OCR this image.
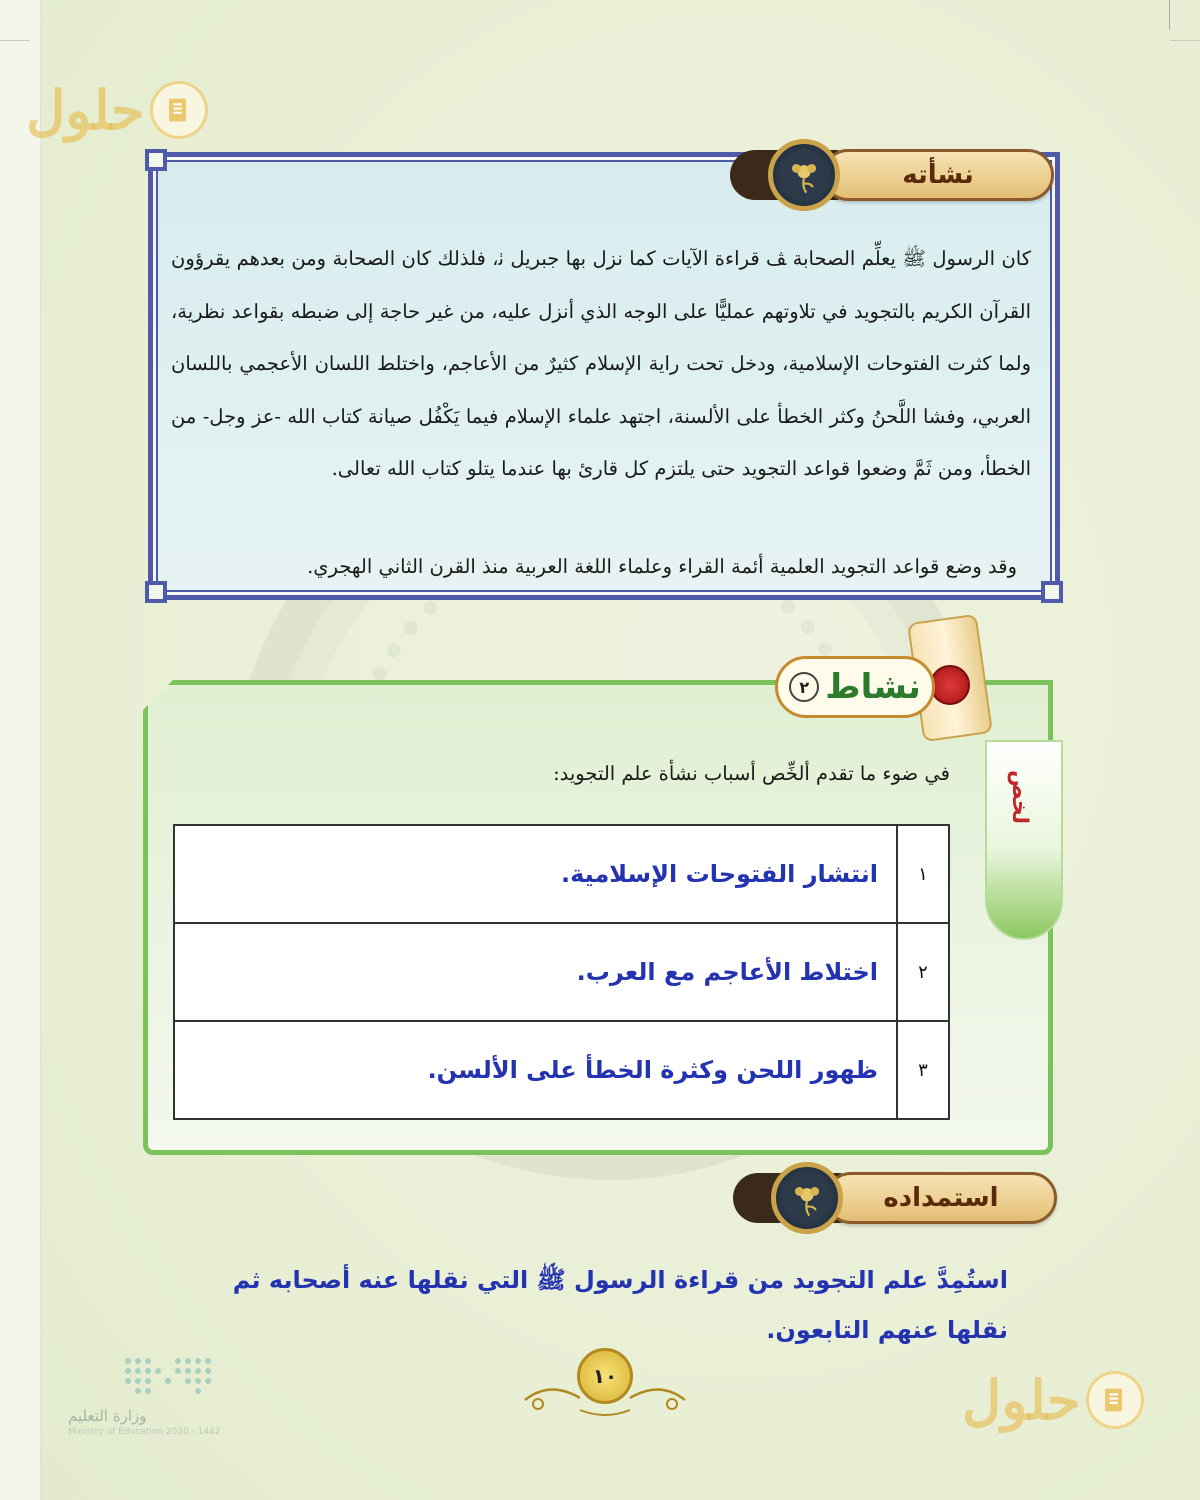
حلول
حلول

كان الرسول ﷺ يعلِّم الصحابة ﭫ قراءة الآيات كما نزل بها جبريل ﭠ، فلذلك كان الصحابة ومن بعدهم يقرؤون القرآن الكريم بالتجويد في تلاوتهم عمليًّا على الوجه الذي أنزل عليه، من غير حاجة إلى ضبطه بقواعد نظرية، ولما كثرت الفتوحات الإسلامية، ودخل تحت راية الإسلام كثيرٌ من الأعاجم، واختلط اللسان الأعجمي باللسان العربي، وفشا اللَّحنُ وكثر الخطأ على الألسنة، اجتهد علماء الإسلام فيما يَكْفُل صيانة كتاب الله -عز وجل- من الخطأ، ومن ثَمَّ وضعوا قواعد التجويد حتى يلتزم كل قارئ بها عندما يتلو كتاب الله تعالى.

وقد وضع قواعد التجويد العلمية أئمة القراء وعلماء اللغة العربية منذ القرن الثاني الهجري.

نشأته
لخص
نشاط
٢

في ضوء ما تقدم ألخِّص أسباب نشأة علم التجويد:

١	انتشار الفتوحات الإسلامية.
٢	اختلاط الأعاجم مع العرب.
٣	ظهور اللحن وكثرة الخطأ على الألسن.
استمداده

استُمِدَّ علم التجويد من قراءة الرسول ﷺ التي نقلها عنه أصحابه ثم نقلها عنهم التابعون.

١٠
وزارة التعليم
Ministry of Education 2020 - 1442
